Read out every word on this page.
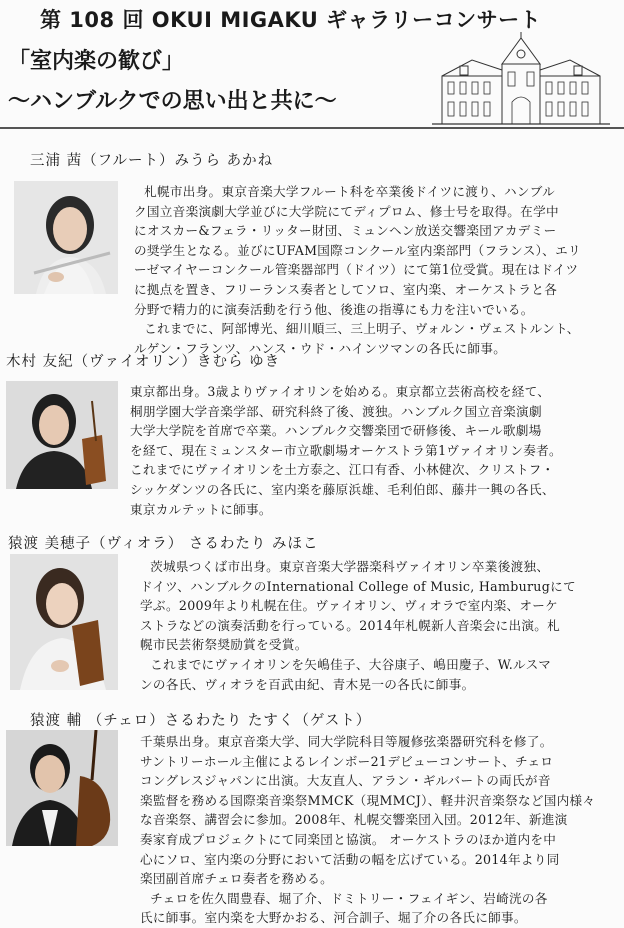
第 108 回 OKUI MIGAKU ギャラリーコンサート
「室内楽の歓び」
～ハンブルクでの思い出と共に～
三浦 茜（フルート）みうら あかね

札幌市出身。東京音楽大学フルート科を卒業後ドイツに渡り、ハンブル

ク国立音楽演劇大学並びに大学院にてディプロム、修士号を取得。在学中

にオスカー&フェラ・リッター財団、ミュンヘン放送交響楽団アカデミー

の奨学生となる。並びにUFAM国際コンクール室内楽部門（フランス）、エリ

ーゼマイヤーコンクール管楽器部門（ドイツ）にて第1位受賞。現在はドイツ

に拠点を置き、フリーランス奏者としてソロ、室内楽、オーケストラと各

分野で精力的に演奏活動を行う他、後進の指導にも力を注いでいる。

これまでに、阿部博光、細川順三、三上明子、ヴォルン・ヴェストルント、

ルゲン・フランツ、ハンス・ウド・ハインツマンの各氏に師事。

木村 友紀（ヴァイオリン）きむら ゆき

東京都出身。3歳よりヴァイオリンを始める。東京都立芸術高校を経て、

桐朋学園大学音楽学部、研究科終了後、渡独。ハンブルク国立音楽演劇

大学大学院を首席で卒業。ハンブルク交響楽団で研修後、キール歌劇場

を経て、現在ミュンスター市立歌劇場オーケストラ第1ヴァイオリン奏者。

これまでにヴァイオリンを土方泰之、江口有香、小林健次、クリストフ・

シッケダンツの各氏に、室内楽を藤原浜雄、毛利伯郎、藤井一興の各氏、

東京カルテットに師事。

猿渡 美穂子（ヴィオラ） さるわたり みほこ

茨城県つくば市出身。東京音楽大学器楽科ヴァイオリン卒業後渡独、

ドイツ、ハンブルクのInternational College of Music, Hamburugにて

学ぶ。2009年より札幌在住。ヴァイオリン、ヴィオラで室内楽、オーケ

ストラなどの演奏活動を行っている。2014年札幌新人音楽会に出演。札

幌市民芸術祭奨励賞を受賞。

これまでにヴァイオリンを矢嶋佳子、大谷康子、嶋田慶子、W.ルスマ

ンの各氏、ヴィオラを百武由紀、青木晃一の各氏に師事。

猿渡 輔 （チェロ）さるわたり たすく（ゲスト）

千葉県出身。東京音楽大学、同大学院科目等履修弦楽器研究科を修了。

サントリーホール主催によるレインボー21デビューコンサート、チェロ

コングレスジャパンに出演。大友直人、アラン・ギルバートの両氏が音

楽監督を務める国際楽音楽祭MMCK（現MMCJ）、軽井沢音楽祭など国内様々

な音楽祭、講習会に参加。2008年、札幌交響楽団入団。2012年、新進演

奏家育成プロジェクトにて同楽団と協演。 オーケストラのほか道内を中

心にソロ、室内楽の分野において活動の幅を広げている。2014年より同

楽団副首席チェロ奏者を務める。

チェロを佐久間豊春、堀了介、ドミトリー・フェイギン、岩崎洸の各

氏に師事。室内楽を大野かおる、河合訓子、堀了介の各氏に師事。
